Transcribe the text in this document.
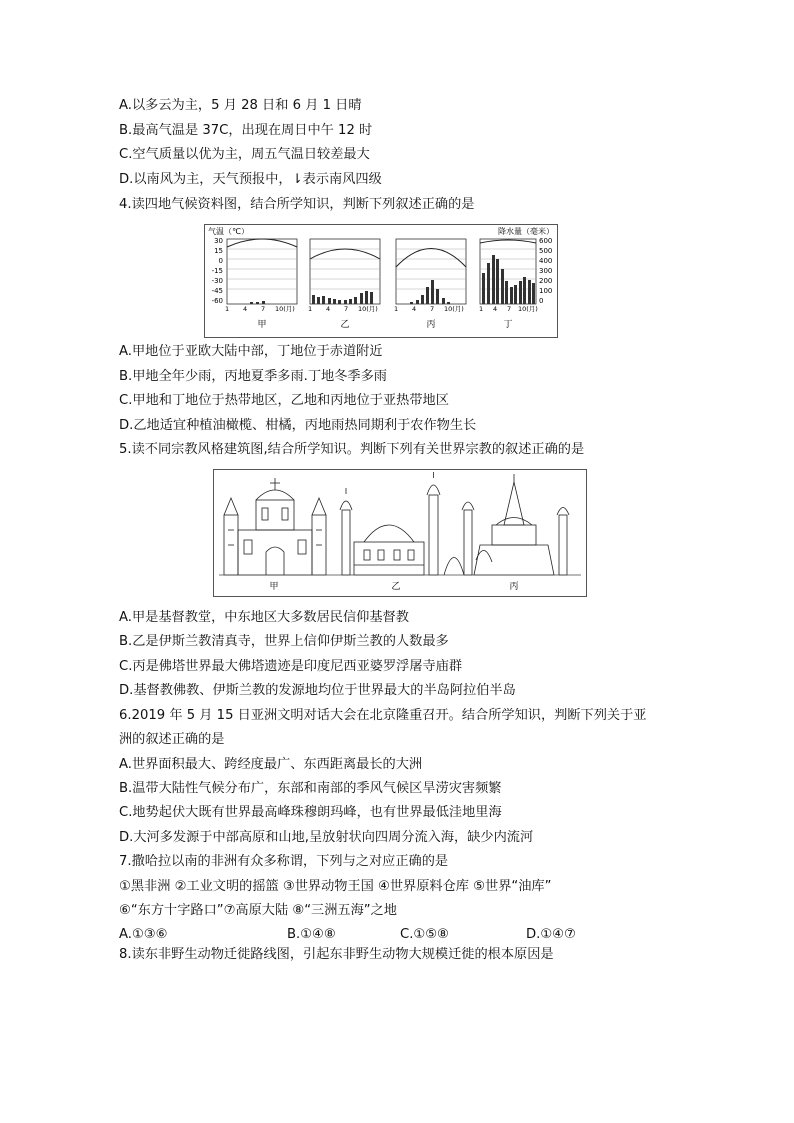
A.以多云为主，5 月 28 日和 6 月 1 日晴
B.最高气温是 37C，出现在周日中午 12 时
C.空气质量以优为主，周五气温日较差最大
D.以南风为主，天气预报中，⇂表示南风四级
4.读四地气候资料图，结合所学知识，判断下列叙述正确的是
气温（℃）	降水量（毫米）
30
15
0
-15
-30
-45
-60
600
500
400
300
200
100
0
1 4 7 10(月)
甲
1 4 7 10(月)
乙
1 4 7 10(月)
丙
1 4 7 10(月)
丁
A.甲地位于亚欧大陆中部，丁地位于赤道附近
B.甲地全年少雨，丙地夏季多雨.丁地冬季多雨
C.甲地和丁地位于热带地区，乙地和丙地位于亚热带地区
D.乙地适宜种植油橄榄、柑橘，丙地雨热同期利于农作物生长
5.读不同宗教风格建筑图,结合所学知识。判断下列有关世界宗教的叙述正确的是
甲	乙	丙
A.甲是基督教堂，中东地区大多数居民信仰基督教
B.乙是伊斯兰教清真寺，世界上信仰伊斯兰教的人数最多
C.丙是佛塔世界最大佛塔遗迹是印度尼西亚婆罗浮屠寺庙群
D.基督教佛教、伊斯兰教的发源地均位于世界最大的半岛阿拉伯半岛
6.2019 年 5 月 15 日亚洲文明对话大会在北京隆重召开。结合所学知识，判断下列关于亚
洲的叙述正确的是
A.世界面积最大、跨经度最广、东西距离最长的大洲
B.温带大陆性气候分布广，东部和南部的季风气候区旱涝灾害频繁
C.地势起伏大既有世界最高峰珠穆朗玛峰，也有世界最低洼地里海
D.大河多发源于中部高原和山地,呈放射状向四周分流入海，缺少内流河
7.撒哈拉以南的非洲有众多称谓，下列与之对应正确的是
①黑非洲 ②工业文明的摇篮 ③世界动物王国 ④世界原料仓库 ⑤世界“油库”
⑥“东方十字路口”⑦高原大陆 ⑧“三洲五海”之地
A.①③⑥	B.①④⑧	C.①⑤⑧	D.①④⑦
8.读东非野生动物迁徙路线图，引起东非野生动物大规模迁徙的根本原因是
